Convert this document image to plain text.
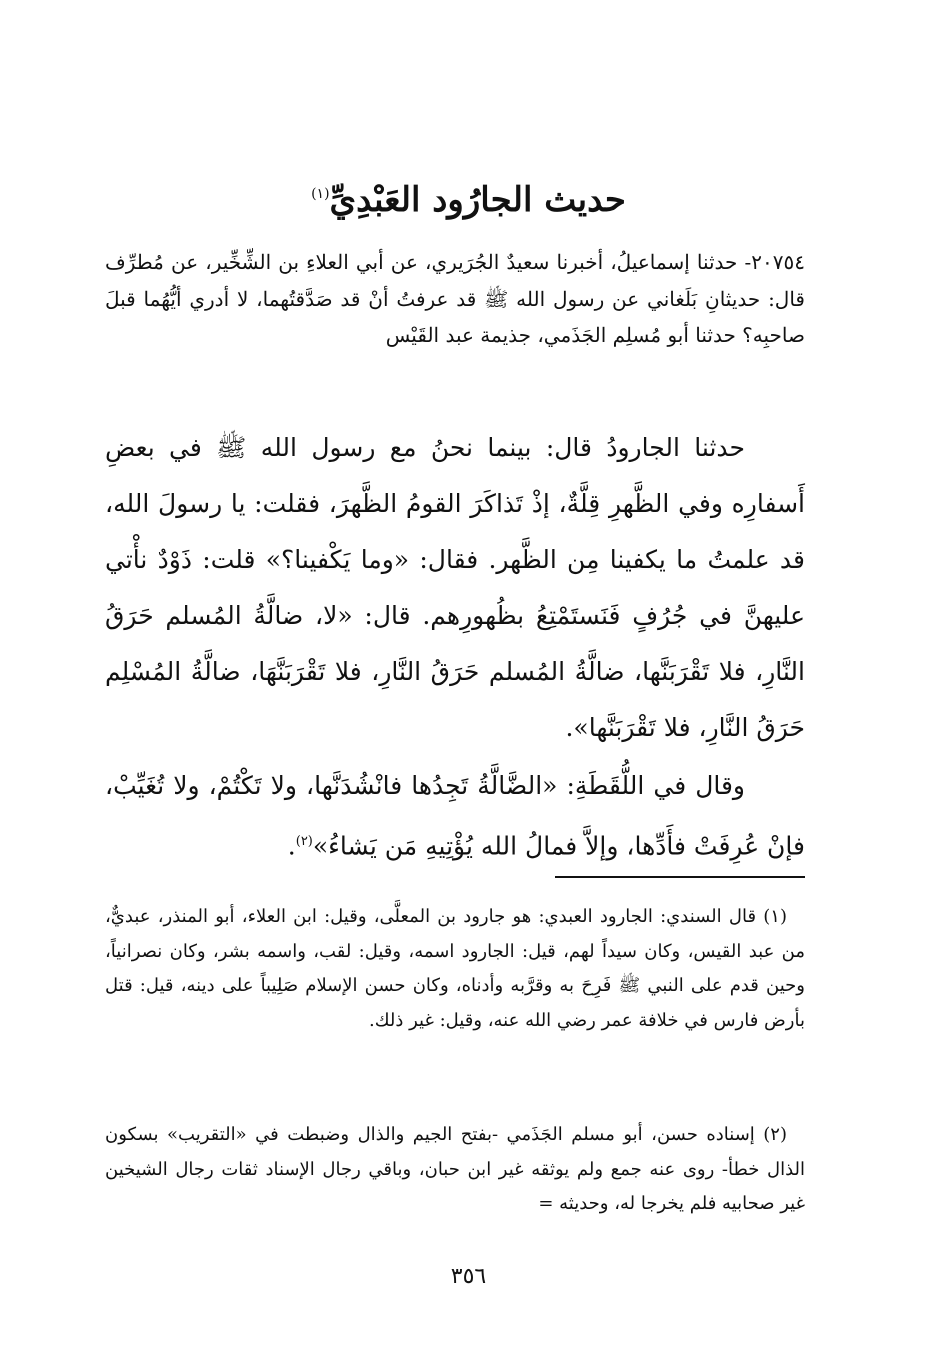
حديث الجارُود العَبْدِيِّ$^{(١)}$

٢٠٧٥٤- حدثنا إسماعيلُ، أخبرنا سعيدٌ الجُرَيري، عن أبي العلاءِ بن الشِّخِّير، عن مُطرِّف قال: حديثانِ بَلَغاني عن رسول الله ﷺ قد عرفتُ أنْ قد صَدَّقتُهما، لا أدري أيُّهُما قبلَ صاحبِه؟ حدثنا أبو مُسلِم الجَذَمي، جذيمة عبد القَيْس

حدثنا الجارودُ قال: بينما نحنُ مع رسول الله ﷺ في بعضِ أَسفارِه وفي الظَّهرِ قِلَّةٌ، إذْ تَذاكَرَ القومُ الظَّهرَ، فقلت: يا رسولَ الله، قد علمتُ ما يكفينا مِن الظَّهر. فقال: «وما يَكْفينا؟» قلت: ذَوْدٌ نأْتي عليهنَّ في جُرُفٍ فَنَستَمْتِعُ بظُهورِهم. قال: «لا، ضالَّةُ المُسلم حَرَقُ النَّارِ، فلا تَقْرَبَنَّها، ضالَّةُ المُسلم حَرَقُ النَّارِ، فلا تَقْرَبَنَّهَا، ضالَّةُ المُسْلِم حَرَقُ النَّارِ، فلا تَقْرَبَنَّها».

وقال في اللُّقَطَةِ: «الضَّالَّةُ تَجِدُها فانْشُدَنَّها، ولا تَكْتُمْ، ولا تُغَيِّبْ، فإنْ عُرِفَتْ فأَدِّها، وإلاَّ فمالُ الله يُؤْتِيهِ مَن يَشاءُ»$^{(٢)}$.

(١) قال السندي: الجارود العبدي: هو جارود بن المعلَّى، وقيل: ابن العلاء، أبو المنذر، عبديٌّ، من عبد القيس، وكان سيداً لهم، قيل: الجارود اسمه، وقيل: لقب، واسمه بشر، وكان نصرانياً، وحين قدم على النبي ﷺ فَرِحَ به وقرَّبه وأدناه، وكان حسن الإسلام صَلِيباً على دينه، قيل: قتل بأرض فارس في خلافة عمر رضي الله عنه، وقيل: غير ذلك.

(٢) إسناده حسن، أبو مسلم الجَذَمي -بفتح الجيم والذال وضبطت في «التقريب» بسكون الذال خطأ- روى عنه جمع ولم يوثقه غير ابن حبان، وباقي رجال الإسناد ثقات رجال الشيخين غير صحابيه فلم يخرجا له، وحديثه =

٣٥٦
